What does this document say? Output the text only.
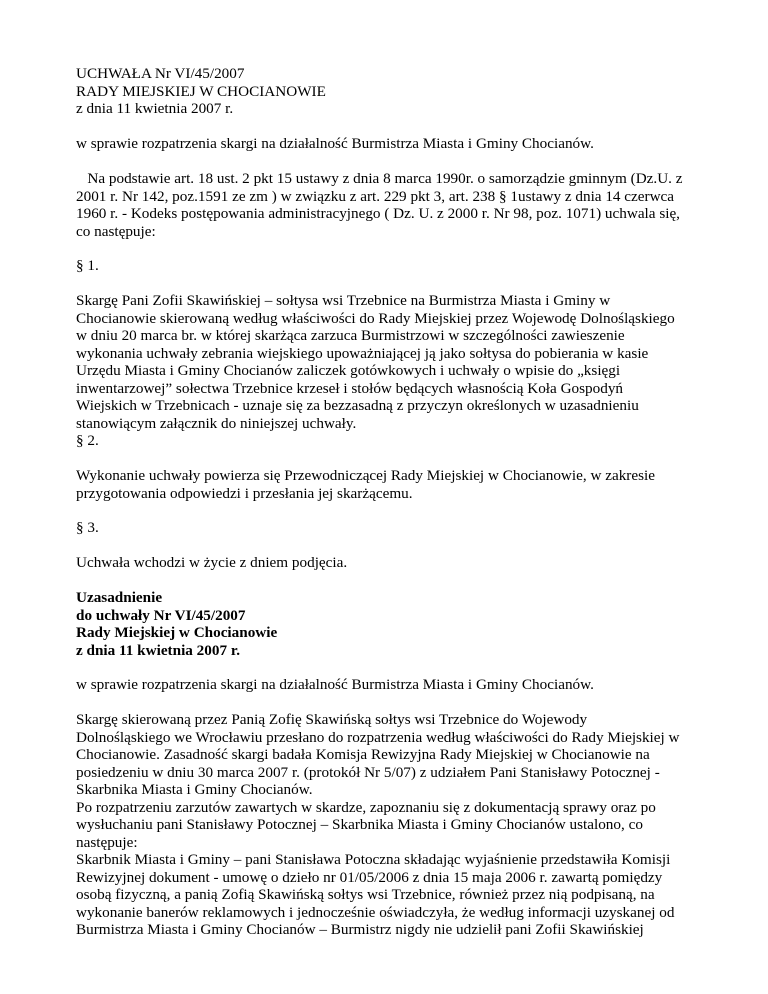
UCHWAŁA Nr VI/45/2007
RADY MIEJSKIEJ W CHOCIANOWIE
z dnia 11 kwietnia 2007 r.
w sprawie rozpatrzenia skargi na działalność Burmistrza Miasta i Gminy Chocianów.
Na podstawie art. 18 ust. 2 pkt 15 ustawy z dnia 8 marca 1990r. o samorządzie gminnym (Dz.U. z
2001 r. Nr 142, poz.1591 ze zm ) w związku z art. 229 pkt 3, art. 238 § 1ustawy z dnia 14 czerwca
1960 r. - Kodeks postępowania administracyjnego ( Dz. U. z 2000 r. Nr 98, poz. 1071) uchwala się,
co następuje:
§ 1.
Skargę Pani Zofii Skawińskiej – sołtysa wsi Trzebnice na Burmistrza Miasta i Gminy w
Chocianowie skierowaną według właściwości do Rady Miejskiej przez Wojewodę Dolnośląskiego
w dniu 20 marca br. w której skarżąca zarzuca Burmistrzowi w szczególności zawieszenie
wykonania uchwały zebrania wiejskiego upoważniającej ją jako sołtysa do pobierania w kasie
Urzędu Miasta i Gminy Chocianów zaliczek gotówkowych i uchwały o wpisie do „księgi
inwentarzowej” sołectwa Trzebnice krzeseł i stołów będących własnością Koła Gospodyń
Wiejskich w Trzebnicach - uznaje się za bezzasadną z przyczyn określonych w uzasadnieniu
stanowiącym załącznik do niniejszej uchwały.
§ 2.
Wykonanie uchwały powierza się Przewodniczącej Rady Miejskiej w Chocianowie, w zakresie
przygotowania odpowiedzi i przesłania jej skarżącemu.
§ 3.
Uchwała wchodzi w życie z dniem podjęcia.
Uzasadnienie
do uchwały Nr VI/45/2007
Rady Miejskiej w Chocianowie
z dnia 11 kwietnia 2007 r.
w sprawie rozpatrzenia skargi na działalność Burmistrza Miasta i Gminy Chocianów.
Skargę skierowaną przez Panią Zofię Skawińską sołtys wsi Trzebnice do Wojewody
Dolnośląskiego we Wrocławiu przesłano do rozpatrzenia według właściwości do Rady Miejskiej w
Chocianowie. Zasadność skargi badała Komisja Rewizyjna Rady Miejskiej w Chocianowie na
posiedzeniu w dniu 30 marca 2007 r. (protokół Nr 5/07) z udziałem Pani Stanisławy Potocznej -
Skarbnika Miasta i Gminy Chocianów.
Po rozpatrzeniu zarzutów zawartych w skardze, zapoznaniu się z dokumentacją sprawy oraz po
wysłuchaniu pani Stanisławy Potocznej – Skarbnika Miasta i Gminy Chocianów ustalono, co
następuje:
Skarbnik Miasta i Gminy – pani Stanisława Potoczna składając wyjaśnienie przedstawiła Komisji
Rewizyjnej dokument - umowę o dzieło nr 01/05/2006 z dnia 15 maja 2006 r. zawartą pomiędzy
osobą fizyczną, a panią Zofią Skawińską sołtys wsi Trzebnice, również przez nią podpisaną, na
wykonanie banerów reklamowych i jednocześnie oświadczyła, że według informacji uzyskanej od
Burmistrza Miasta i Gminy Chocianów – Burmistrz nigdy nie udzielił pani Zofii Skawińskiej
